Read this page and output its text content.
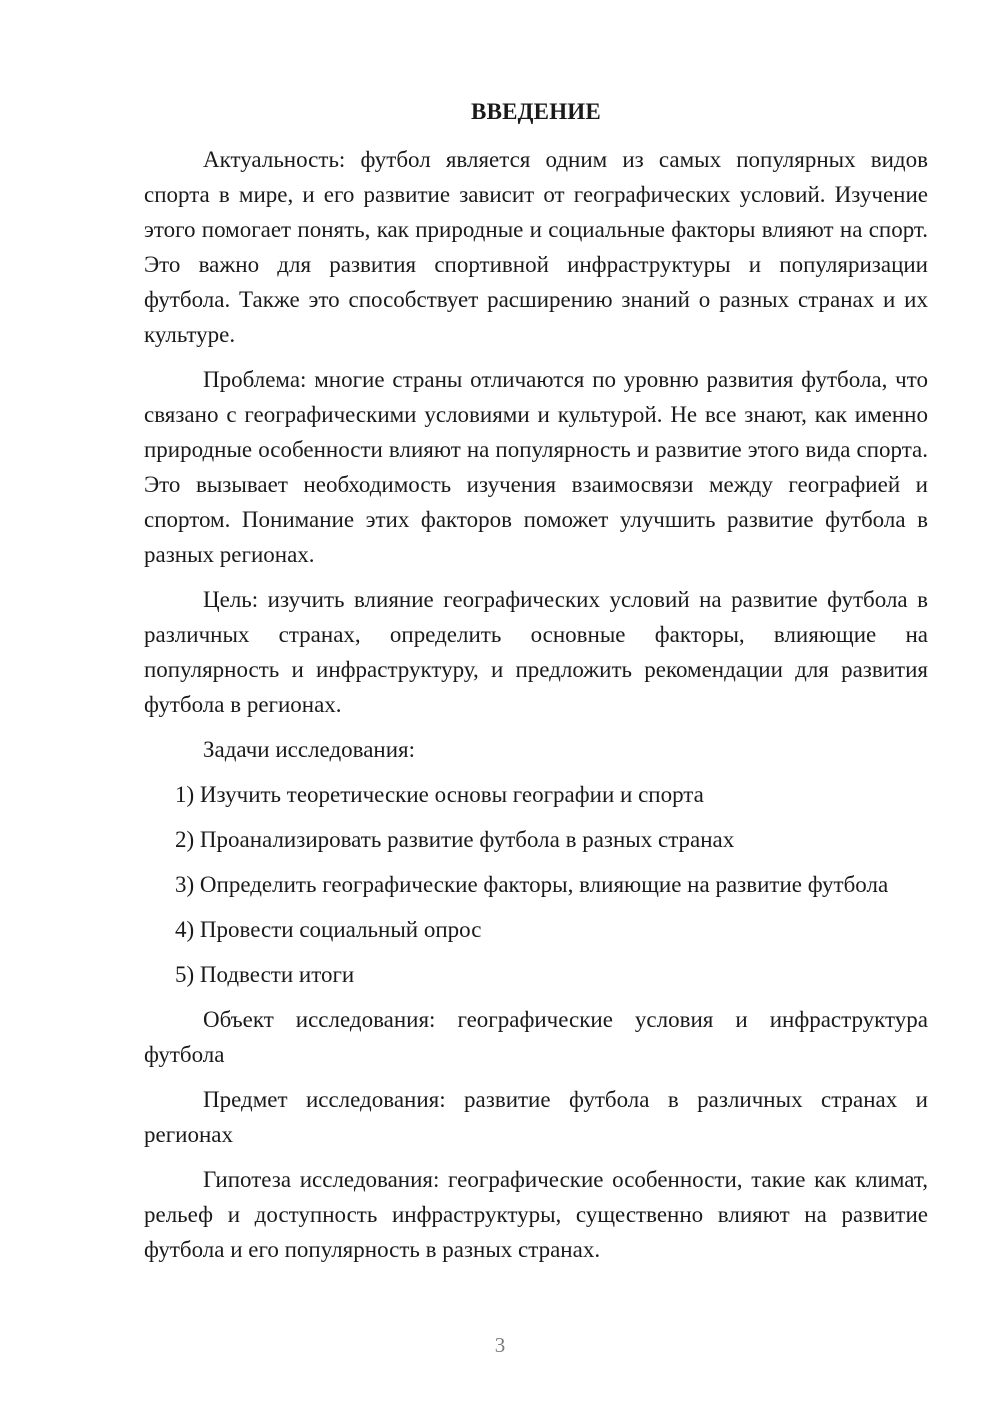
ВВЕДЕНИЕ

Актуальность: футбол является одним из самых популярных видов спорта в мире, и его развитие зависит от географических условий. Изучение этого помогает понять, как природные и социальные факторы влияют на спорт. Это важно для развития спортивной инфраструктуры и популяризации футбола. Также это способствует расширению знаний о разных странах и их культуре.

Проблема: многие страны отличаются по уровню развития футбола, что связано с географическими условиями и культурой. Не все знают, как именно природные особенности влияют на популярность и развитие этого вида спорта. Это вызывает необходимость изучения взаимосвязи между географией и спортом. Понимание этих факторов поможет улучшить развитие футбола в разных регионах.

Цель: изучить влияние географических условий на развитие футбола в различных странах, определить основные факторы, влияющие на популярность и инфраструктуру, и предложить рекомендации для развития футбола в регионах.

Задачи исследования:

1) Изучить теоретические основы географии и спорта

2) Проанализировать развитие футбола в разных странах

3) Определить географические факторы, влияющие на развитие футбола

4) Провести социальный опрос

5) Подвести итоги

Объект исследования: географические условия и инфраструктура футбола

Предмет исследования: развитие футбола в различных странах и регионах

Гипотеза исследования: географические особенности, такие как климат, рельеф и доступность инфраструктуры, существенно влияют на развитие футбола и его популярность в разных странах.

3
